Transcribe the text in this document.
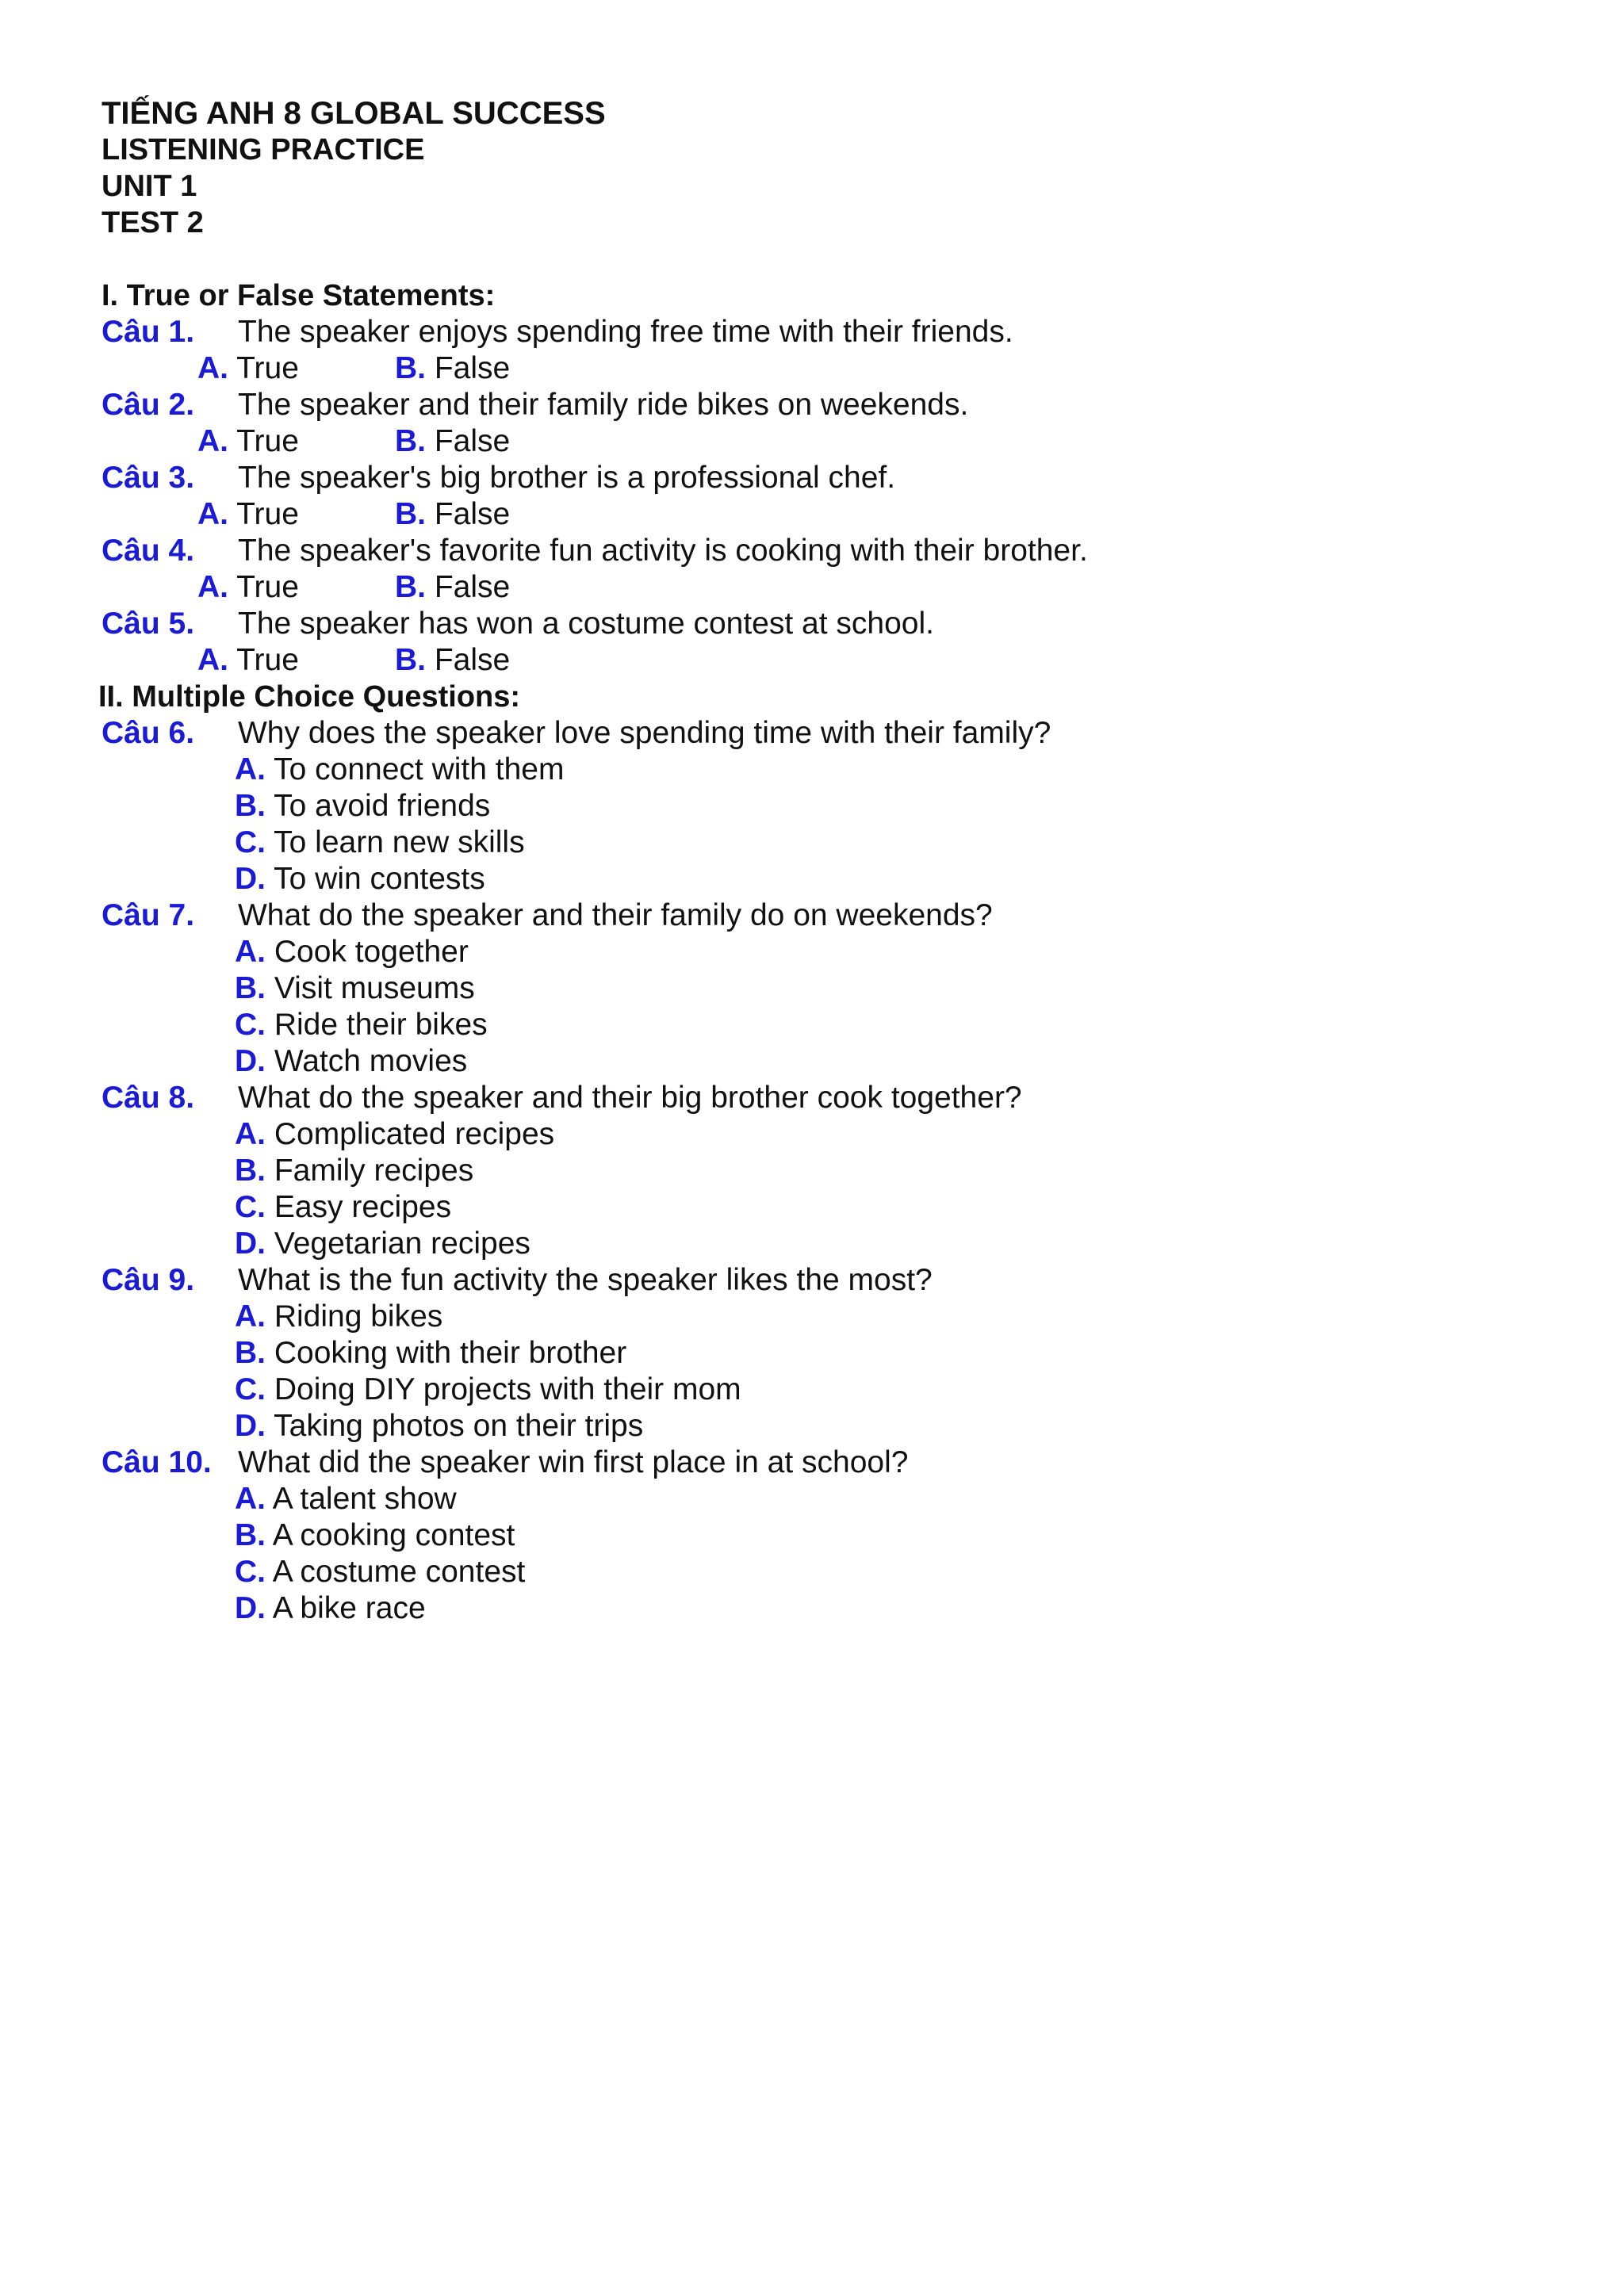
TIẾNG ANH 8 GLOBAL SUCCESS
LISTENING PRACTICE
UNIT 1
TEST 2
I. True or False Statements:
Câu 1. The speaker enjoys spending free time with their friends.
A. True	B. False
Câu 2. The speaker and their family ride bikes on weekends.
A. True	B. False
Câu 3. The speaker's big brother is a professional chef.
A. True	B. False
Câu 4. The speaker's favorite fun activity is cooking with their brother.
A. True	B. False
Câu 5. The speaker has won a costume contest at school.
A. True	B. False
II. Multiple Choice Questions:
Câu 6. Why does the speaker love spending time with their family?
A. To connect with them
B. To avoid friends
C. To learn new skills
D. To win contests
Câu 7. What do the speaker and their family do on weekends?
A. Cook together
B. Visit museums
C. Ride their bikes
D. Watch movies
Câu 8. What do the speaker and their big brother cook together?
A. Complicated recipes
B. Family recipes
C. Easy recipes
D. Vegetarian recipes
Câu 9. What is the fun activity the speaker likes the most?
A. Riding bikes
B. Cooking with their brother
C. Doing DIY projects with their mom
D. Taking photos on their trips
Câu 10. What did the speaker win first place in at school?
A. A talent show
B. A cooking contest
C. A costume contest
D. A bike race
